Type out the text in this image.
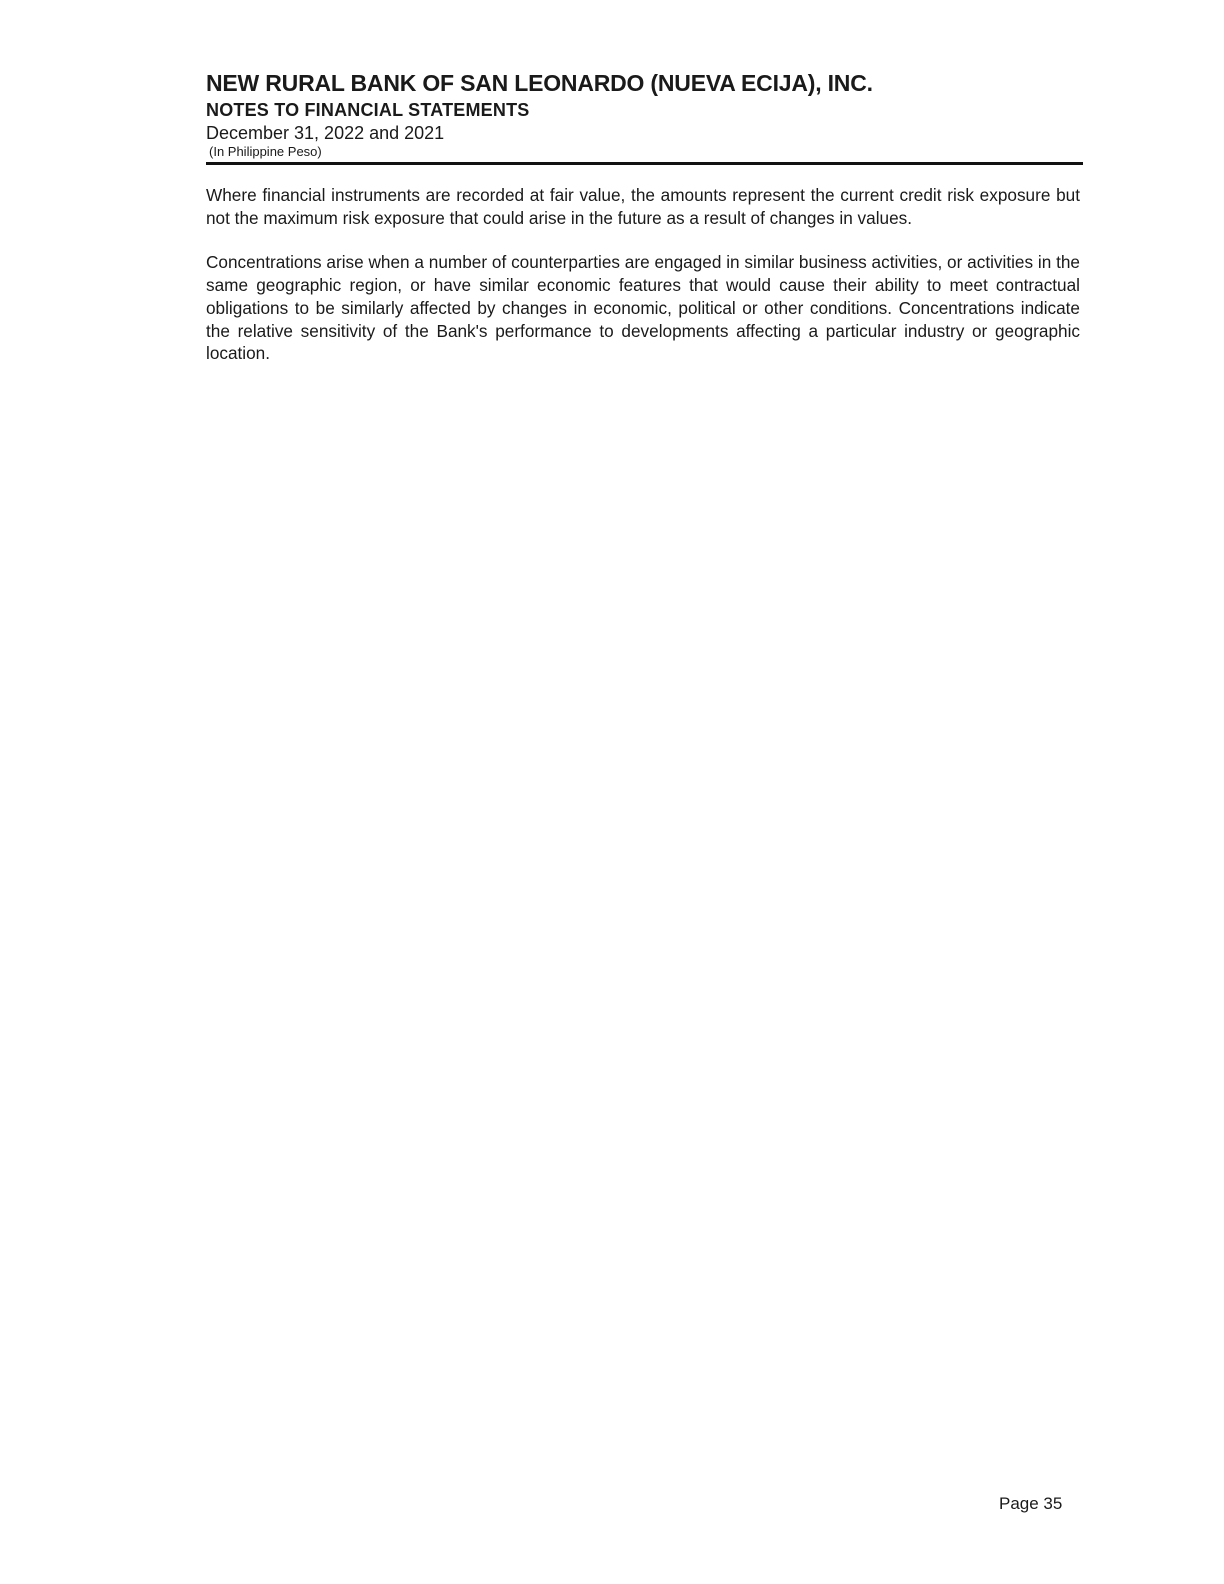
NEW RURAL BANK OF SAN LEONARDO (NUEVA ECIJA), INC.
NOTES TO FINANCIAL STATEMENTS

December 31, 2022 and 2021

(In Philippine Peso)

Where financial instruments are recorded at fair value, the amounts represent the current credit risk exposure but not the maximum risk exposure that could arise in the future as a result of changes in values.

Concentrations arise when a number of counterparties are engaged in similar business activities, or activities in the same geographic region, or have similar economic features that would cause their ability to meet contractual obligations to be similarly affected by changes in economic, political or other conditions. Concentrations indicate the relative sensitivity of the Bank's performance to developments affecting a particular industry or geographic location.

Page 35
